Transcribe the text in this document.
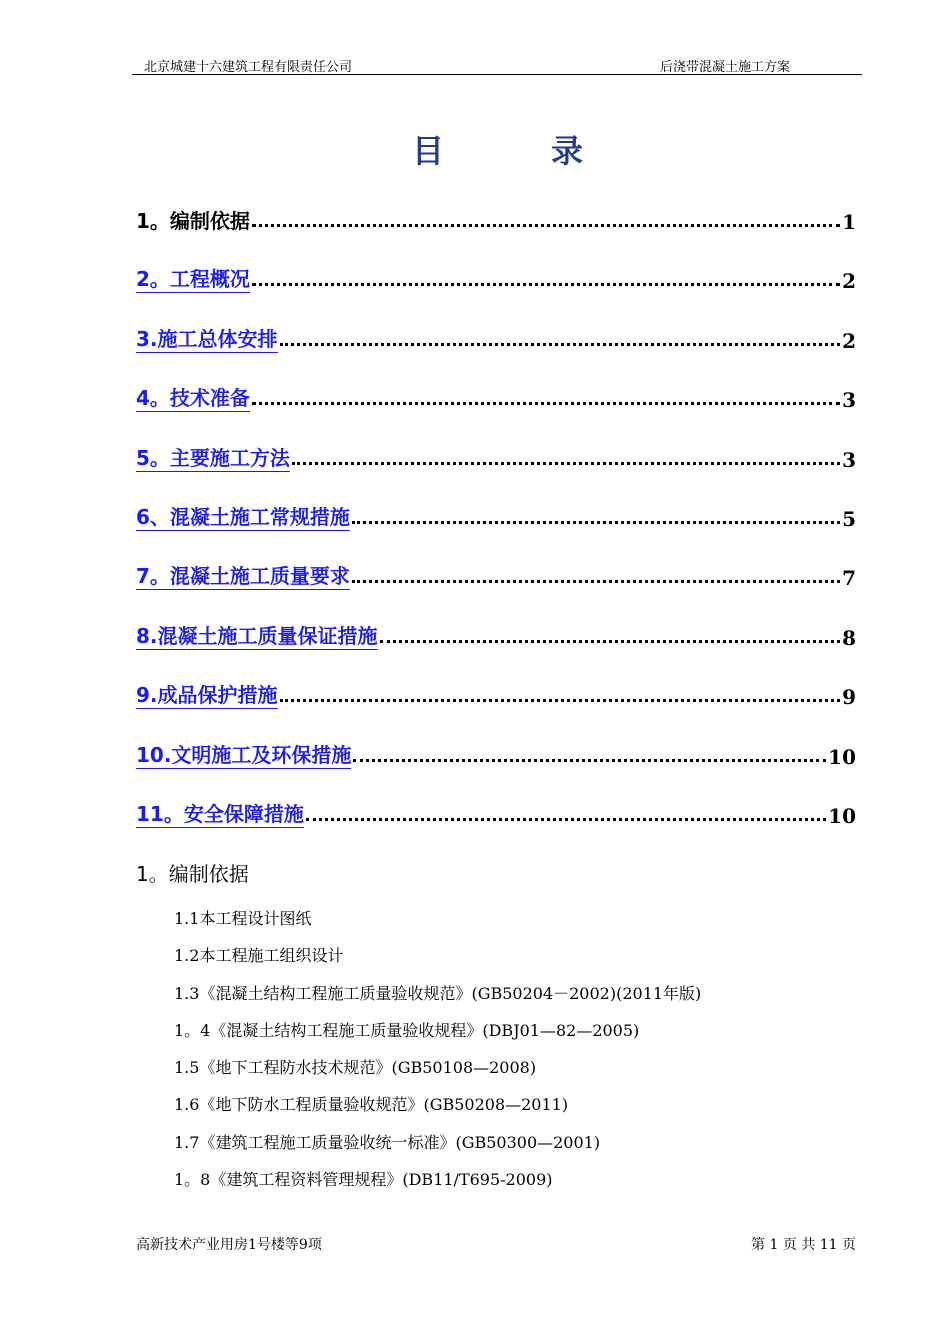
北京城建十六建筑工程有限责任公司	后浇带混凝土施工方案
目	录
1。编制依据	1
2。工程概况	2
3.施工总体安排	2
4。技术准备	3
5。主要施工方法	3
6、混凝土施工常规措施	5
7。混凝土施工质量要求	7
8.混凝土施工质量保证措施	8
9.成品保护措施	9
10.文明施工及环保措施	10
11。安全保障措施	10
1。编制依据
1.1本工程设计图纸
1.2本工程施工组织设计
1.3《混凝土结构工程施工质量验收规范》(GB50204－2002)(2011年版)
1。4《混凝土结构工程施工质量验收规程》(DBJ01—82—2005)
1.5《地下工程防水技术规范》(GB50108—2008)
1.6《地下防水工程质量验收规范》(GB50208—2011)
1.7《建筑工程施工质量验收统一标准》(GB50300—2001)
1。8《建筑工程资料管理规程》(DB11/T695-2009)
高新技术产业用房1号楼等9项	第 1 页 共 11 页
